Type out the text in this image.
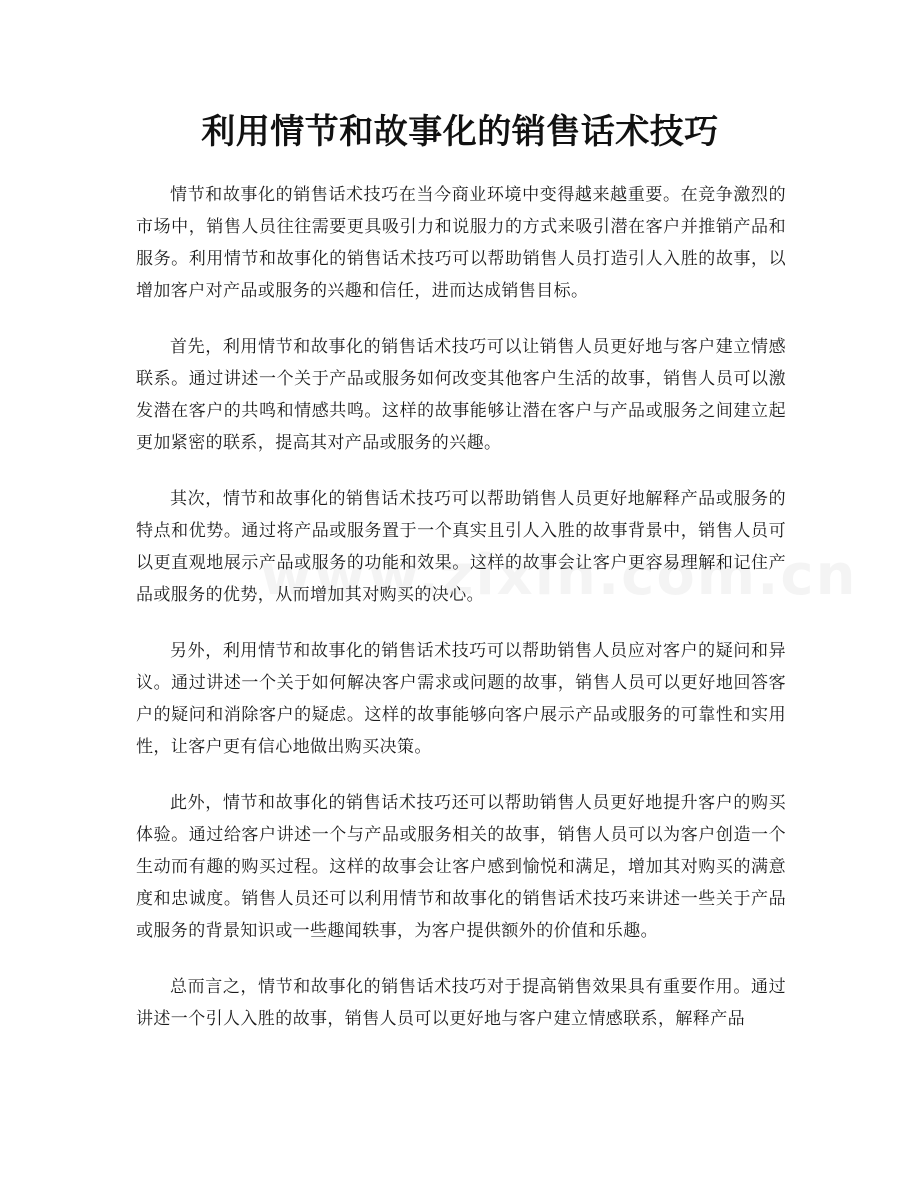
利用情节和故事化的销售话术技巧

情节和故事化的销售话术技巧在当今商业环境中变得越来越重要。在竞争激烈的市场中，销售人员往往需要更具吸引力和说服力的方式来吸引潜在客户并推销产品和服务。利用情节和故事化的销售话术技巧可以帮助销售人员打造引人入胜的故事，以增加客户对产品或服务的兴趣和信任，进而达成销售目标。

首先，利用情节和故事化的销售话术技巧可以让销售人员更好地与客户建立情感联系。通过讲述一个关于产品或服务如何改变其他客户生活的故事，销售人员可以激发潜在客户的共鸣和情感共鸣。这样的故事能够让潜在客户与产品或服务之间建立起更加紧密的联系，提高其对产品或服务的兴趣。

其次，情节和故事化的销售话术技巧可以帮助销售人员更好地解释产品或服务的特点和优势。通过将产品或服务置于一个真实且引人入胜的故事背景中，销售人员可以更直观地展示产品或服务的功能和效果。这样的故事会让客户更容易理解和记住产品或服务的优势，从而增加其对购买的决心。

另外，利用情节和故事化的销售话术技巧可以帮助销售人员应对客户的疑问和异议。通过讲述一个关于如何解决客户需求或问题的故事，销售人员可以更好地回答客户的疑问和消除客户的疑虑。这样的故事能够向客户展示产品或服务的可靠性和实用性，让客户更有信心地做出购买决策。

此外，情节和故事化的销售话术技巧还可以帮助销售人员更好地提升客户的购买体验。通过给客户讲述一个与产品或服务相关的故事，销售人员可以为客户创造一个生动而有趣的购买过程。这样的故事会让客户感到愉悦和满足，增加其对购买的满意度和忠诚度。销售人员还可以利用情节和故事化的销售话术技巧来讲述一些关于产品或服务的背景知识或一些趣闻轶事，为客户提供额外的价值和乐趣。

总而言之，情节和故事化的销售话术技巧对于提高销售效果具有重要作用。通过讲述一个引人入胜的故事，销售人员可以更好地与客户建立情感联系，解释产品
